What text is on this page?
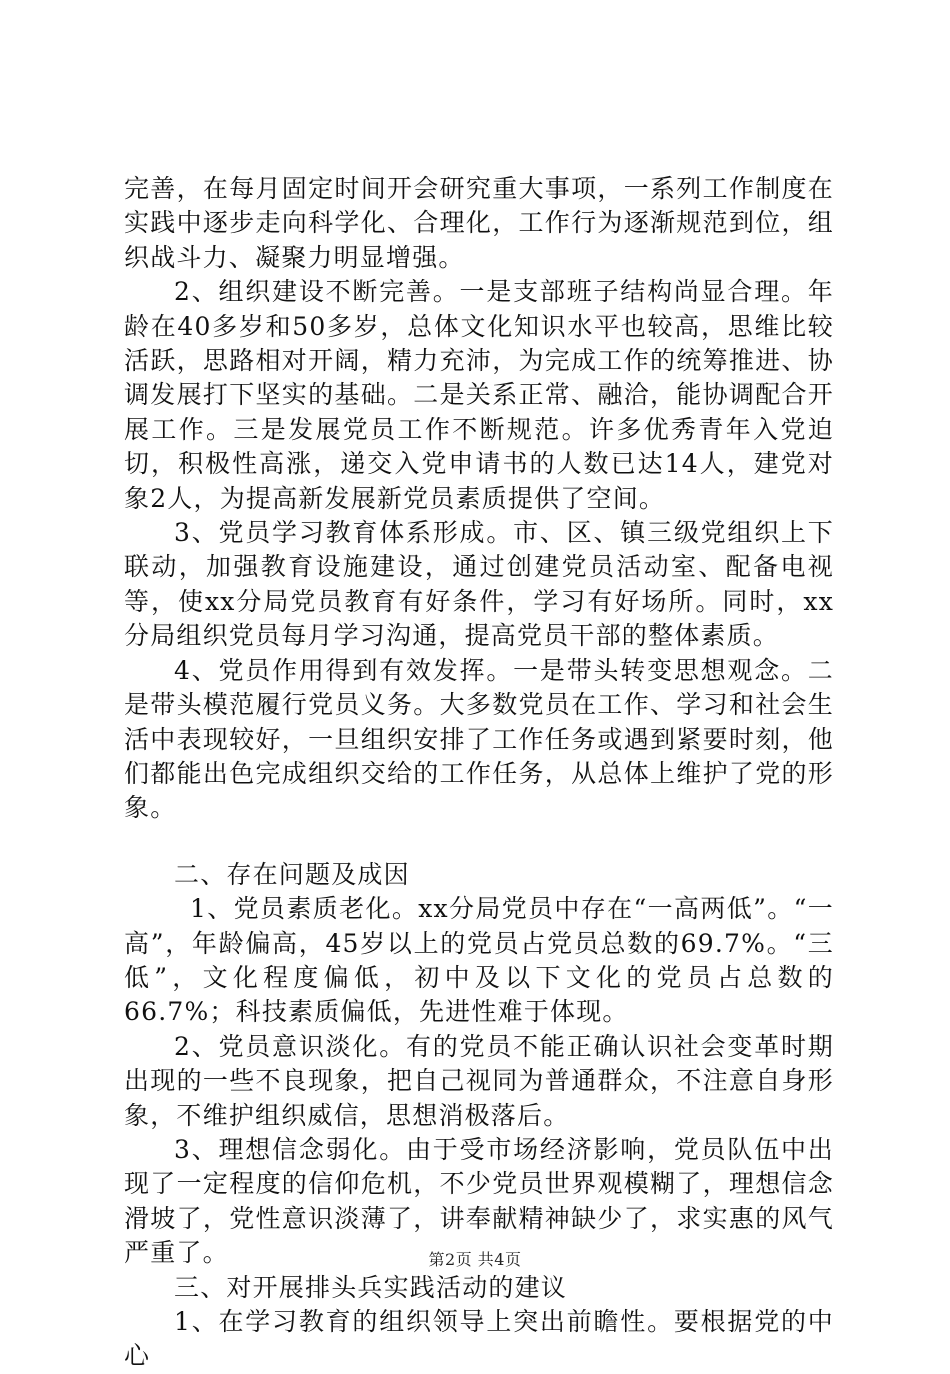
完善，在每月固定时间开会研究重大事项，一系列工作制度在实践中逐步走向科学化、合理化，工作行为逐渐规范到位，组织战斗力、凝聚力明显增强。

2、组织建设不断完善。一是支部班子结构尚显合理。年龄在40多岁和50多岁，总体文化知识水平也较高，思维比较活跃，思路相对开阔，精力充沛，为完成工作的统筹推进、协调发展打下坚实的基础。二是关系正常、融洽，能协调配合开展工作。三是发展党员工作不断规范。许多优秀青年入党迫切，积极性高涨，递交入党申请书的人数已达14人，建党对象2人，为提高新发展新党员素质提供了空间。

3、党员学习教育体系形成。市、区、镇三级党组织上下联动，加强教育设施建设，通过创建党员活动室、配备电视等，使xx分局党员教育有好条件，学习有好场所。同时，xx分局组织党员每月学习沟通，提高党员干部的整体素质。

4、党员作用得到有效发挥。一是带头转变思想观念。二是带头模范履行党员义务。大多数党员在工作、学习和社会生活中表现较好，一旦组织安排了工作任务或遇到紧要时刻，他们都能出色完成组织交给的工作任务，从总体上维护了党的形象。

二、存在问题及成因

1、党员素质老化。xx分局党员中存在“一高两低”。“一高”，年龄偏高，45岁以上的党员占党员总数的69.7%。“三低”，文化程度偏低，初中及以下文化的党员占总数的66.7%；科技素质偏低，先进性难于体现。

2、党员意识淡化。有的党员不能正确认识社会变革时期出现的一些不良现象，把自己视同为普通群众，不注意自身形象，不维护组织威信，思想消极落后。

3、理想信念弱化。由于受市场经济影响，党员队伍中出现了一定程度的信仰危机，不少党员世界观模糊了，理想信念滑坡了，党性意识淡薄了，讲奉献精神缺少了，求实惠的风气严重了。

三、对开展排头兵实践活动的建议

1、在学习教育的组织领导上突出前瞻性。要根据党的中心

第2页 共4页
